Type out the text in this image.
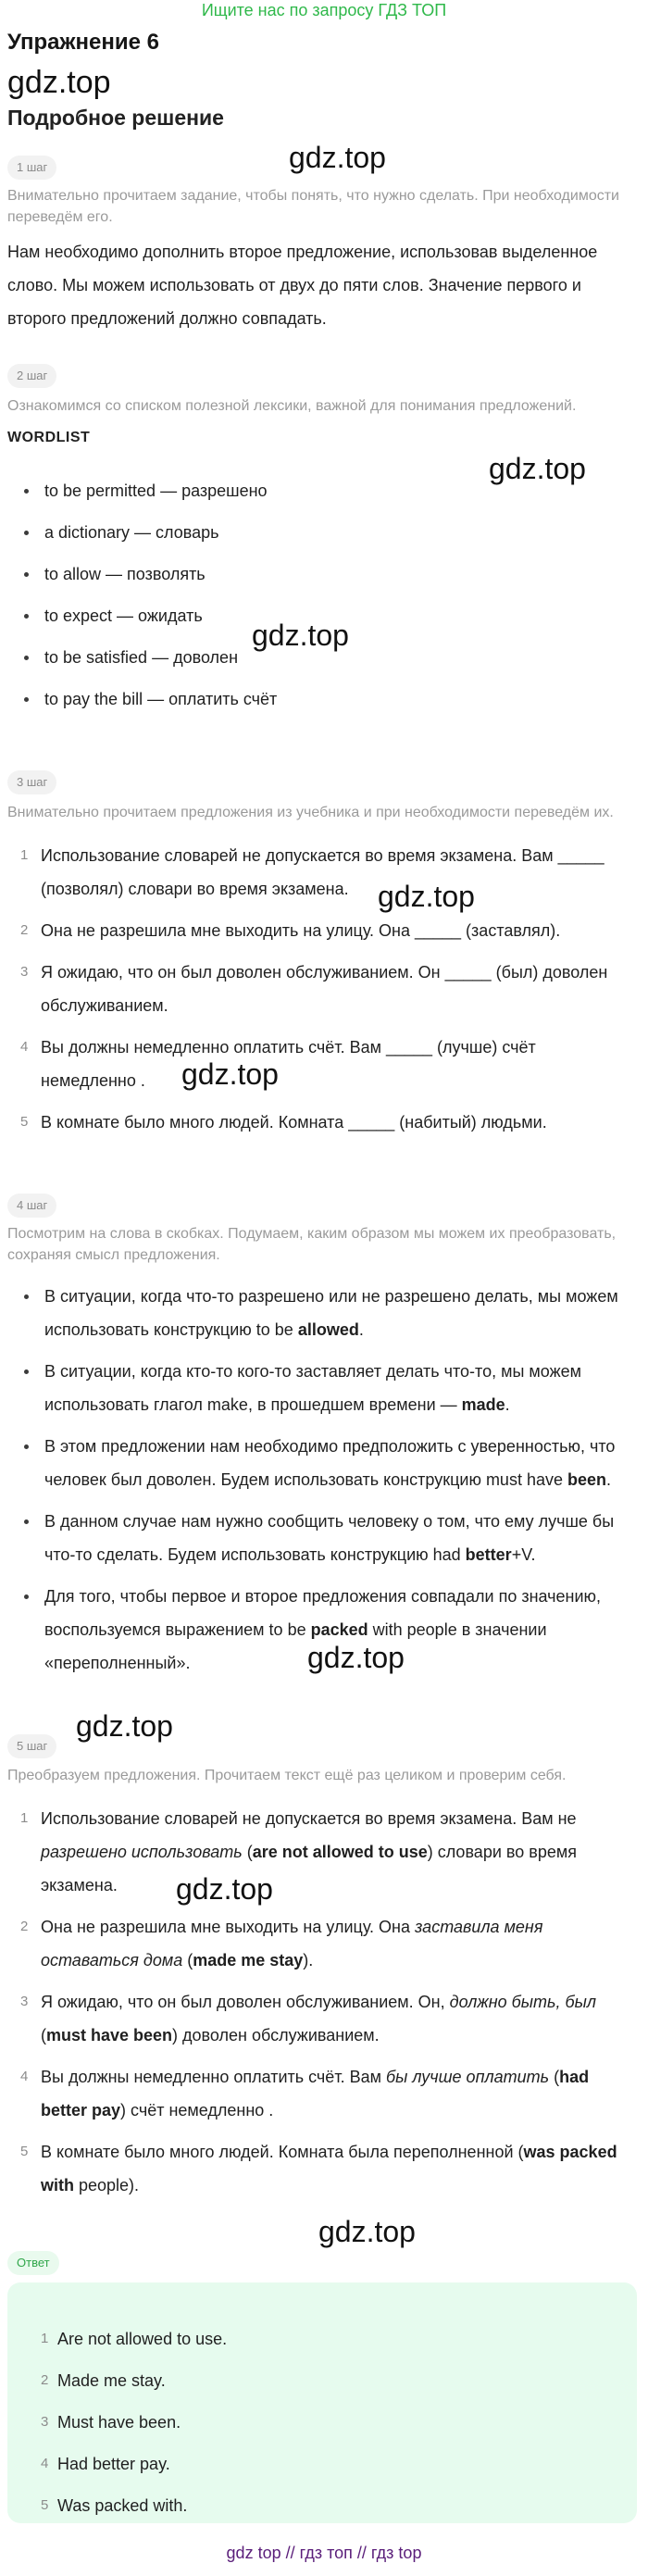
Ищите нас по запросу ГДЗ ТОП
Упражнение 6
gdz.top
Подробное решение
gdz.top
gdz.top
gdz.top
gdz.top
gdz.top
gdz.top
gdz.top
gdz.top
gdz.top
1 шаг
Внимательно прочитаем задание, чтобы понять, что нужно сделать. При необходимости переведём его.
Нам необходимо дополнить второе предложение, использовав выделенное слово. Мы можем использовать от двух до пяти слов. Значение первого и второго предложений должно совпадать.
2 шаг
Ознакомимся со списком полезной лексики, важной для понимания предложений.
WORDLIST
to be permitted — разрешено
a dictionary — словарь
to allow — позволять
to expect — ожидать
to be satisfied — доволен
to pay the bill — оплатить счёт
3 шаг
Внимательно прочитаем предложения из учебника и при необходимости переведём их.
1 Использование словарей не допускается во время экзамена. Вам _____ (позволял) словари во время экзамена.
2 Она не разрешила мне выходить на улицу. Она _____ (заставлял).
3 Я ожидаю, что он был доволен обслуживанием. Он _____ (был) доволен обслуживанием.
4 Вы должны немедленно оплатить счёт. Вам _____ (лучше) счёт немедленно .
5 В комнате было много людей. Комната _____ (набитый) людьми.
4 шаг
Посмотрим на слова в скобках. Подумаем, каким образом мы можем их преобразовать, сохраняя смысл предложения.
В ситуации, когда что-то разрешено или не разрешено делать, мы можем использовать конструкцию to be allowed.
В ситуации, когда кто-то кого-то заставляет делать что-то, мы можем использовать глагол make, в прошедшем времени — made.
В этом предложении нам необходимо предположить с уверенностью, что человек был доволен. Будем использовать конструкцию must have been.
В данном случае нам нужно сообщить человеку о том, что ему лучше бы что-то сделать. Будем использовать конструкцию had better+V.
Для того, чтобы первое и второе предложения совпадали по значению, воспользуемся выражением to be packed with people в значении «переполненный».
5 шаг
Преобразуем предложения. Прочитаем текст ещё раз целиком и проверим себя.
1 Использование словарей не допускается во время экзамена. Вам не разрешено использовать (are not allowed to use) словари во время экзамена.
2 Она не разрешила мне выходить на улицу. Она заставила меня оставаться дома (made me stay).
3 Я ожидаю, что он был доволен обслуживанием. Он, должно быть, был (must have been) доволен обслуживанием.
4 Вы должны немедленно оплатить счёт. Вам бы лучше оплатить (had better pay) счёт немедленно .
5 В комнате было много людей. Комната была переполненной (was packed with people).
Ответ
1 Are not allowed to use.
2 Made me stay.
3 Must have been.
4 Had better pay.
5 Was packed with.
gdz top // гдз топ // гдз top
